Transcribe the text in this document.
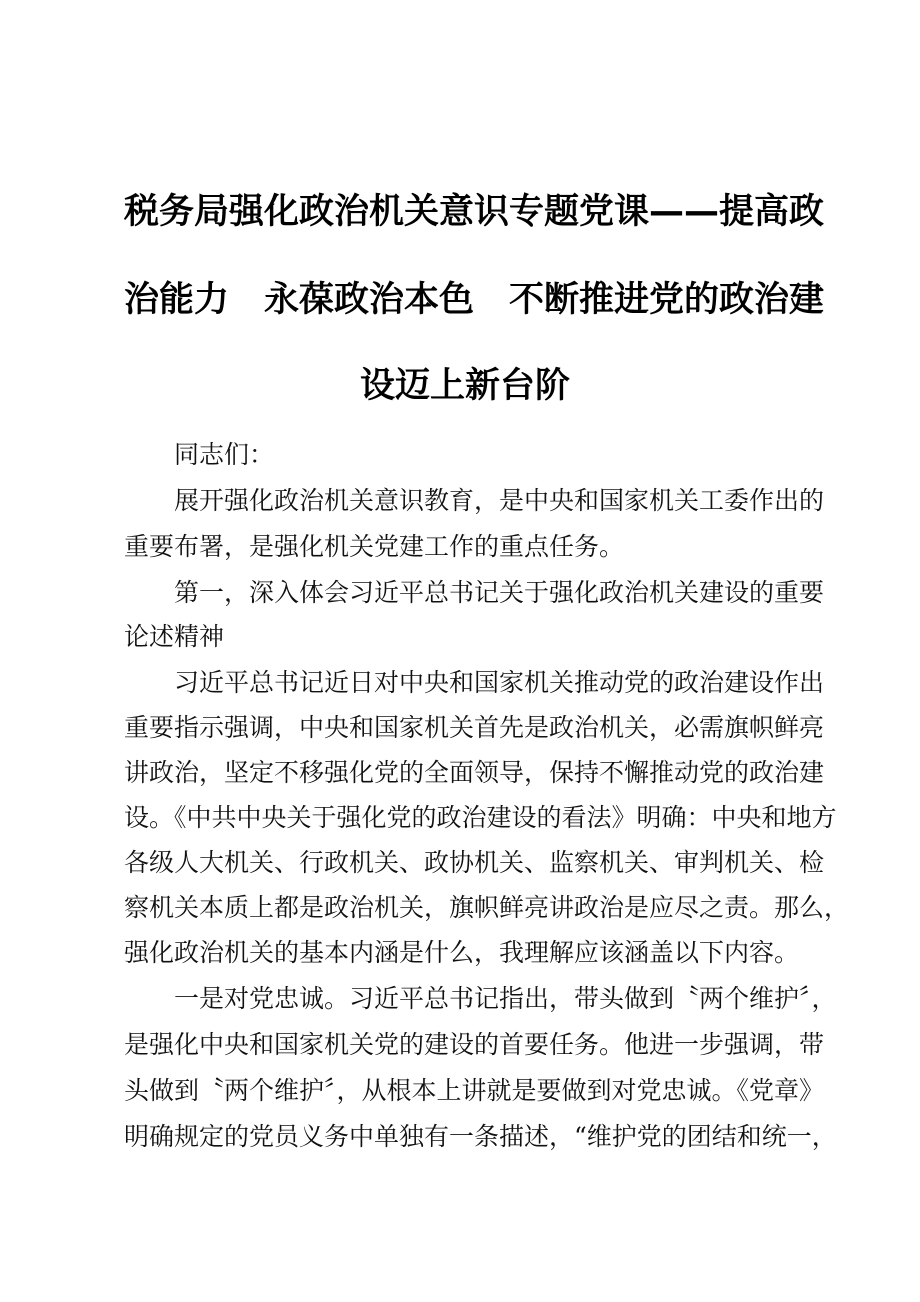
税务局强化政治机关意识专题党课——提高政
治能力　永葆政治本色　不断推进党的政治建
设迈上新台阶
同志们：
展开强化政治机关意识教育，是中央和国家机关工委作出的
重要布署，是强化机关党建工作的重点任务。
第一，深入体会习近平总书记关于强化政治机关建设的重要
论述精神
习近平总书记近日对中央和国家机关推动党的政治建设作出
重要指示强调，中央和国家机关首先是政治机关，必需旗帜鲜亮
讲政治，坚定不移强化党的全面领导，保持不懈推动党的政治建
设。《中共中央关于强化党的政治建设的看法》明确：中央和地方
各级人大机关、行政机关、政协机关、监察机关、审判机关、检
察机关本质上都是政治机关，旗帜鲜亮讲政治是应尽之责。那么，
强化政治机关的基本内涵是什么，我理解应该涵盖以下内容。
一是对党忠诚。习近平总书记指出，带头做到〝两个维护〞，
是强化中央和国家机关党的建设的首要任务。他进一步强调，带
头做到〝两个维护〞，从根本上讲就是要做到对党忠诚。《党章》
明确规定的党员义务中单独有一条描述，“维护党的团结和统一，
